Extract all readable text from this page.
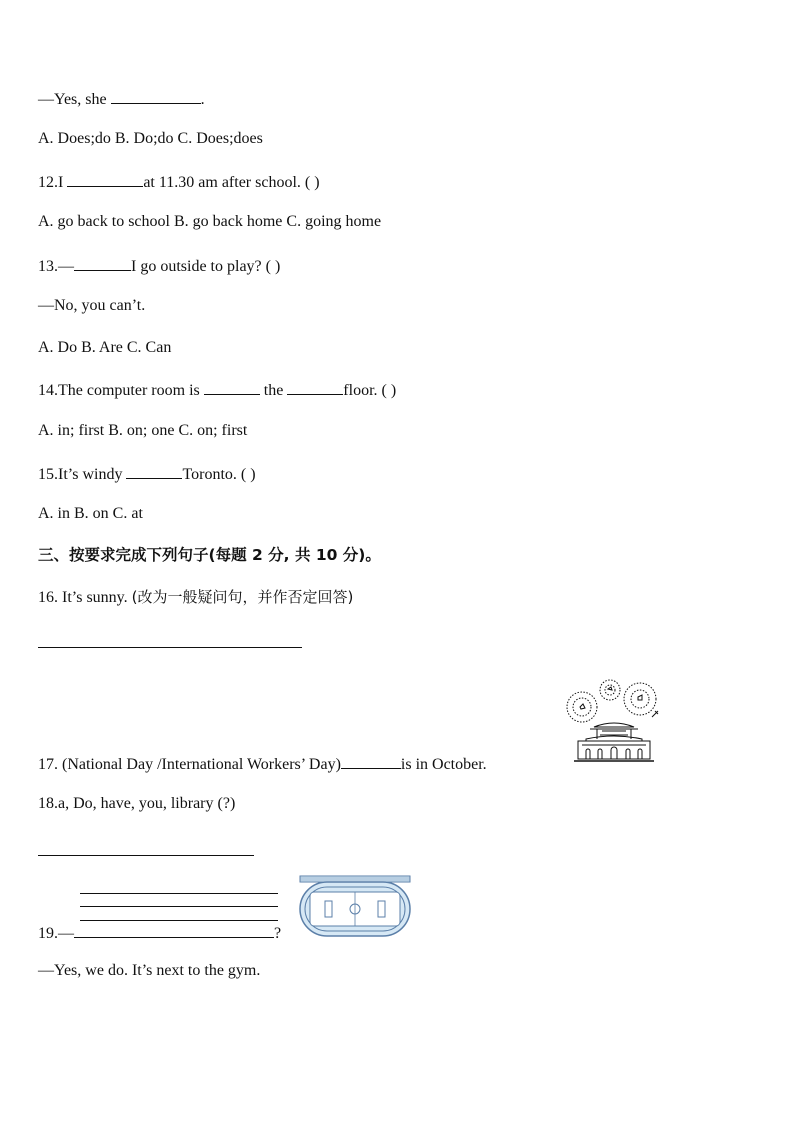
—Yes, she	.
A. Does;do B. Do;do C. Does;does
12.I	at 11.30 am after school. ( )
A. go back to school B. go back home C. going home
13.—	I go outside to play? ( )
—No, you can’t.
A. Do B. Are C. Can
14.The computer room is	the	floor. ( )
A. in; first B. on; one C. on; first
15.It’s windy	Toronto. ( )
A. in B. on C. at
三、按要求完成下列句子(每题 2 分, 共 10 分)。
16. It’s sunny. (改为一般疑问句，并作否定回答)
17. (National Day /International Workers’ Day)	is in October.
18.a, Do, have, you, library (?)
19.—	?
—Yes, we do. It’s next to the gym.
